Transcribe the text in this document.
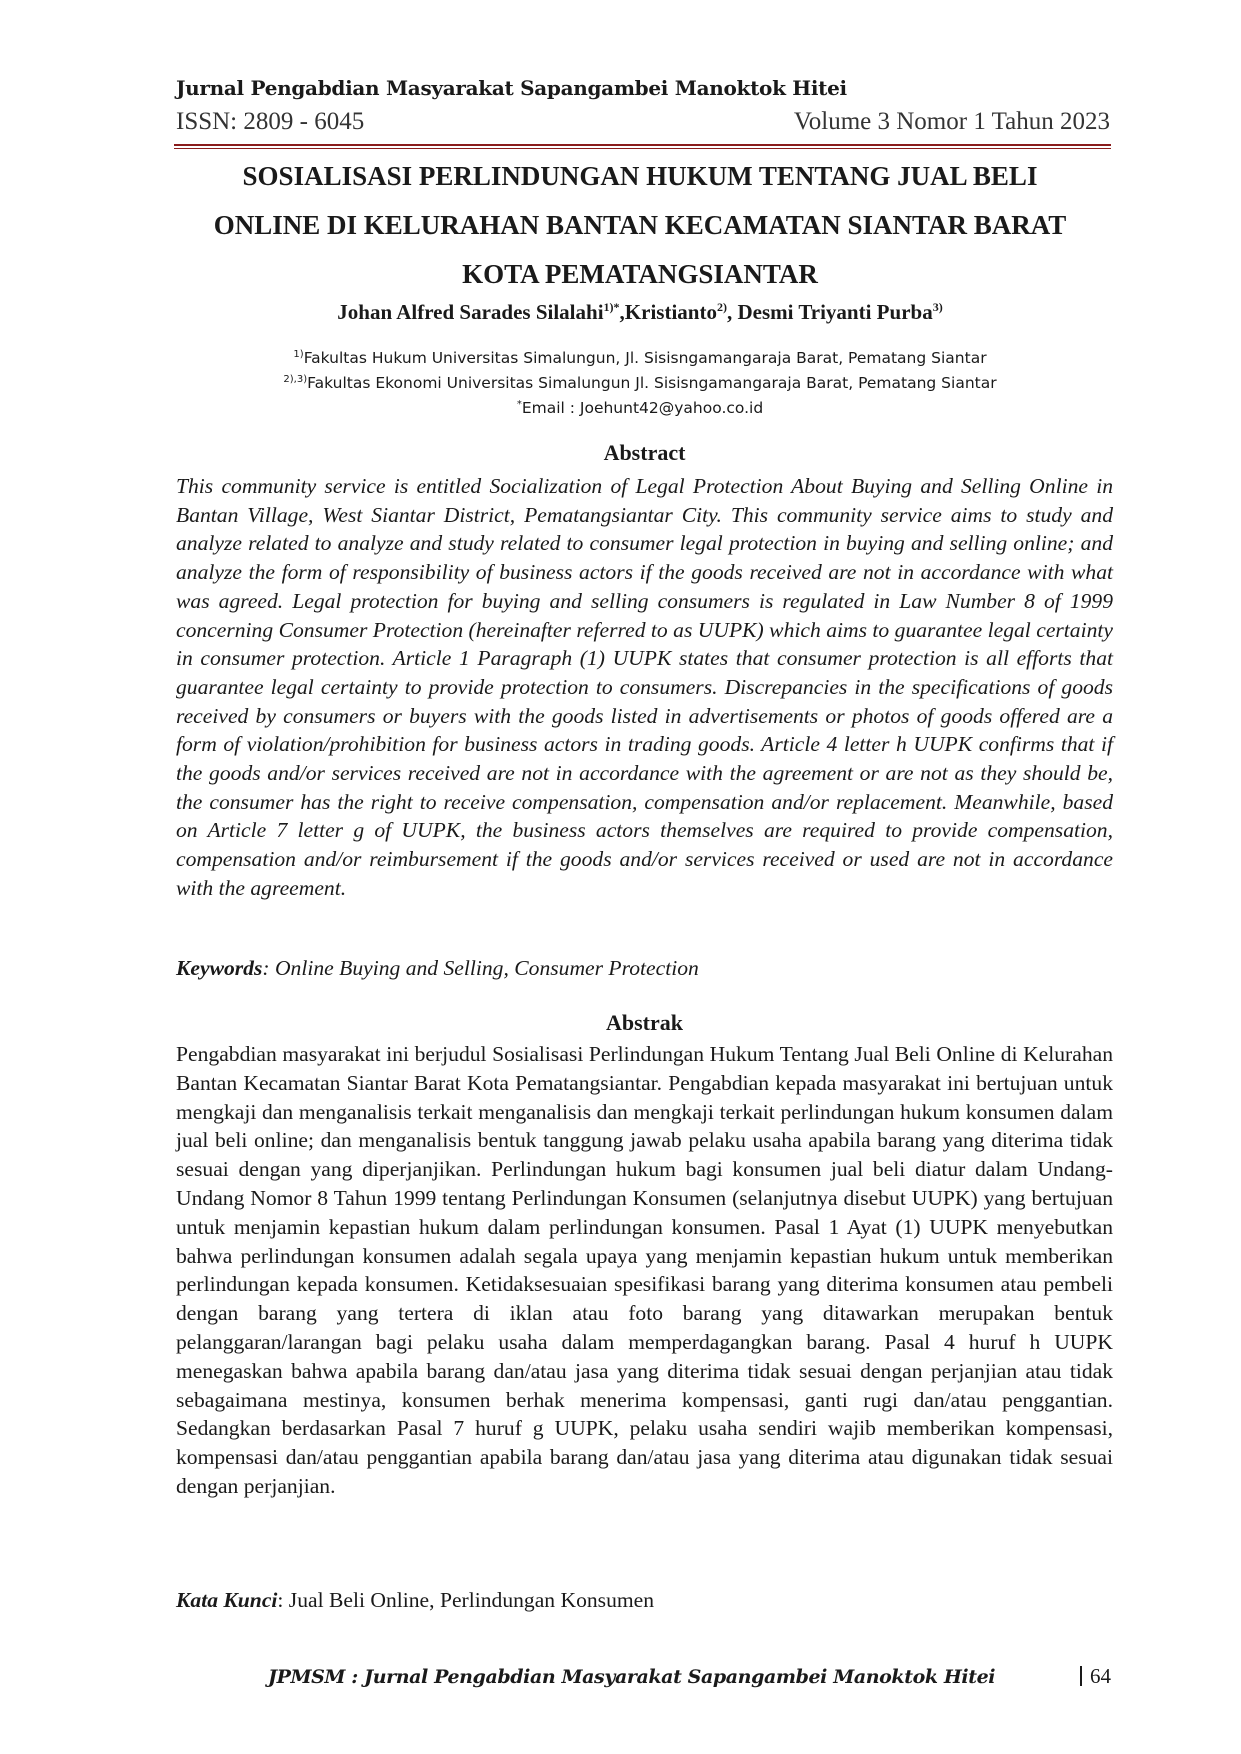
Jurnal Pengabdian Masyarakat Sapangambei Manoktok Hitei
ISSN: 2809 - 6045	Volume 3 Nomor 1 Tahun 2023
SOSIALISASI PERLINDUNGAN HUKUM TENTANG JUAL BELI
ONLINE DI KELURAHAN BANTAN KECAMATAN SIANTAR BARAT
KOTA PEMATANGSIANTAR
Johan Alfred Sarades Silalahi$^{1)*}$,Kristianto$^{2)}$, Desmi Triyanti Purba$^{3)}$
$^{1)}$Fakultas Hukum Universitas Simalungun, Jl. Sisisngamangaraja Barat, Pematang Siantar
$^{2),3)}$Fakultas Ekonomi Universitas Simalungun Jl. Sisisngamangaraja Barat, Pematang Siantar
*Email : Joehunt42@yahoo.co.id
Abstract

This community service is entitled Socialization of Legal Protection About Buying and Selling Online in Bantan Village, West Siantar District, Pematangsiantar City. This community service aims to study and analyze related to analyze and study related to consumer legal protection in buying and selling online; and analyze the form of responsibility of business actors if the goods received are not in accordance with what was agreed. Legal protection for buying and selling consumers is regulated in Law Number 8 of 1999 concerning Consumer Protection (hereinafter referred to as UUPK) which aims to guarantee legal certainty in consumer protection. Article 1 Paragraph (1) UUPK states that consumer protection is all efforts that guarantee legal certainty to provide protection to consumers. Discrepancies in the specifications of goods received by consumers or buyers with the goods listed in advertisements or photos of goods offered are a form of violation/prohibition for business actors in trading goods. Article 4 letter h UUPK confirms that if the goods and/or services received are not in accordance with the agreement or are not as they should be, the consumer has the right to receive compensation, compensation and/or replacement. Meanwhile, based on Article 7 letter g of UUPK, the business actors themselves are required to provide compensation, compensation and/or reimbursement if the goods and/or services received or used are not in accordance with the agreement.

Keywords: Online Buying and Selling, Consumer Protection
Abstrak

Pengabdian masyarakat ini berjudul Sosialisasi Perlindungan Hukum Tentang Jual Beli Online di Kelurahan Bantan Kecamatan Siantar Barat Kota Pematangsiantar. Pengabdian kepada masyarakat ini bertujuan untuk mengkaji dan menganalisis terkait menganalisis dan mengkaji terkait perlindungan hukum konsumen dalam jual beli online; dan menganalisis bentuk tanggung jawab pelaku usaha apabila barang yang diterima tidak sesuai dengan yang diperjanjikan. Perlindungan hukum bagi konsumen jual beli diatur dalam Undang-Undang Nomor 8 Tahun 1999 tentang Perlindungan Konsumen (selanjutnya disebut UUPK) yang bertujuan untuk menjamin kepastian hukum dalam perlindungan konsumen. Pasal 1 Ayat (1) UUPK menyebutkan bahwa perlindungan konsumen adalah segala upaya yang menjamin kepastian hukum untuk memberikan perlindungan kepada konsumen. Ketidaksesuaian spesifikasi barang yang diterima konsumen atau pembeli dengan barang yang tertera di iklan atau foto barang yang ditawarkan merupakan bentuk pelanggaran/larangan bagi pelaku usaha dalam memperdagangkan barang. Pasal 4 huruf h UUPK menegaskan bahwa apabila barang dan/atau jasa yang diterima tidak sesuai dengan perjanjian atau tidak sebagaimana mestinya, konsumen berhak menerima kompensasi, ganti rugi dan/atau penggantian. Sedangkan berdasarkan Pasal 7 huruf g UUPK, pelaku usaha sendiri wajib memberikan kompensasi, kompensasi dan/atau penggantian apabila barang dan/atau jasa yang diterima atau digunakan tidak sesuai dengan perjanjian.

Kata Kunci: Jual Beli Online, Perlindungan Konsumen
JPMSM : Jurnal Pengabdian Masyarakat Sapangambei Manoktok Hitei	64
